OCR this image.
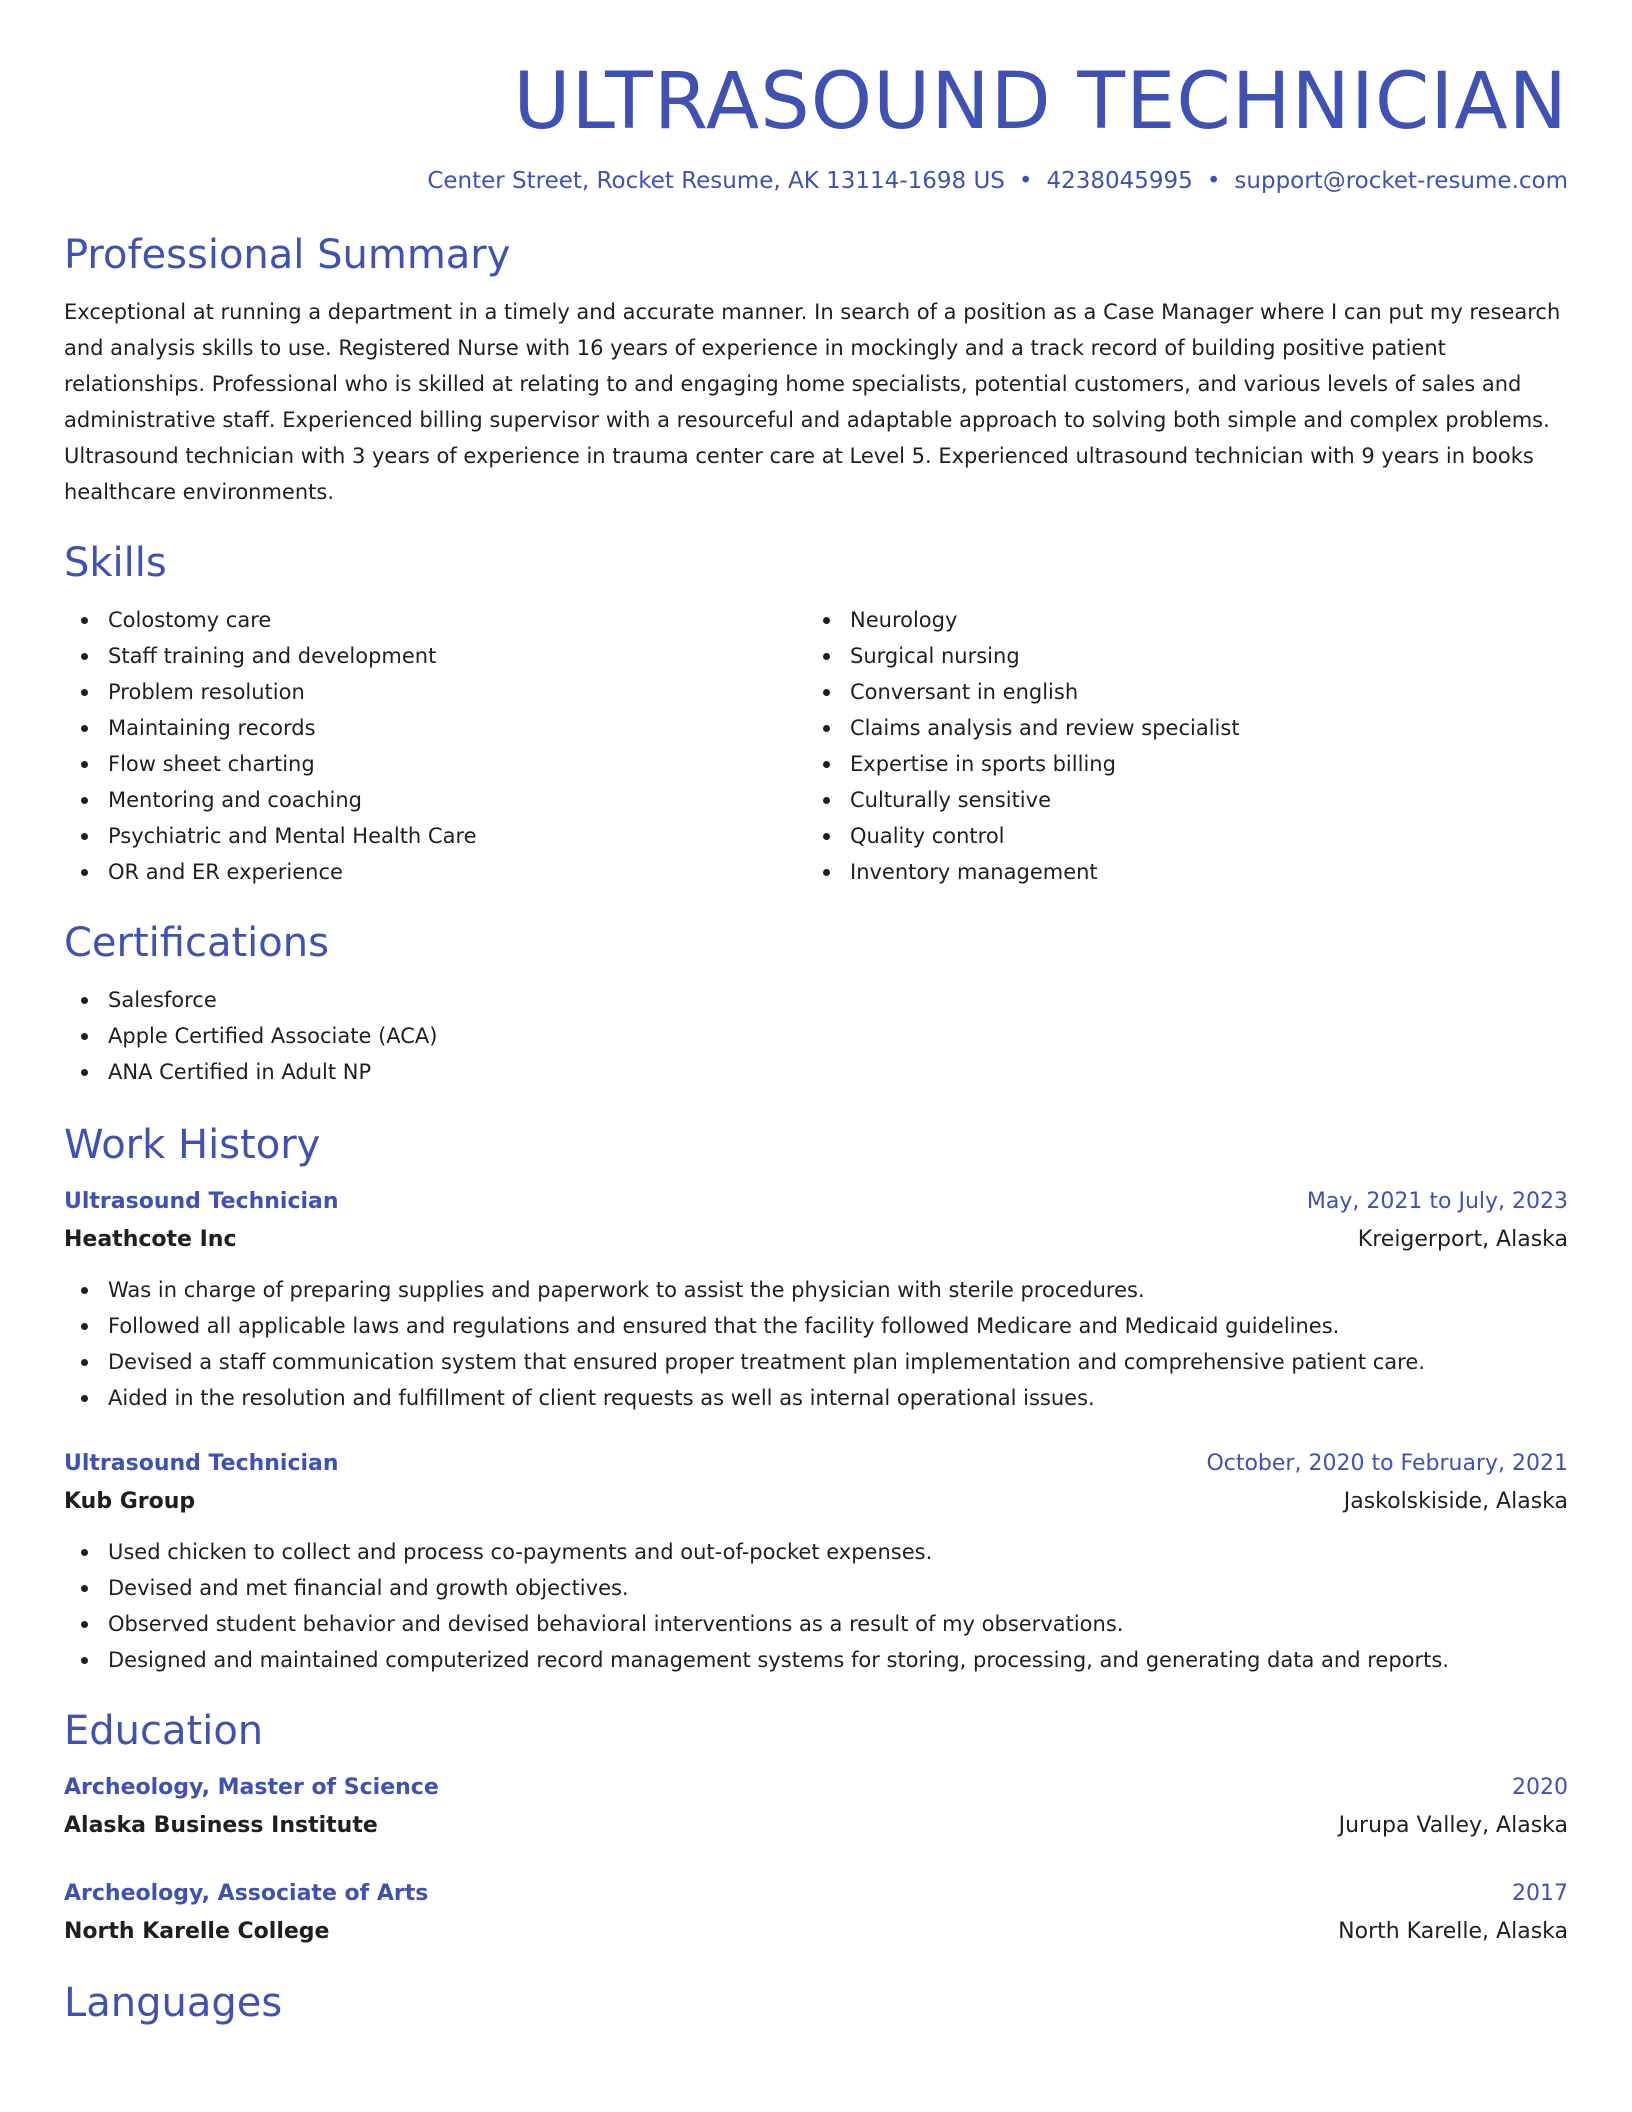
ULTRASOUND TECHNICIAN
Center Street, Rocket Resume, AK 13114-1698 US • 4238045995 • support@rocket-resume.com
Professional Summary

Exceptional at running a department in a timely and accurate manner. In search of a position as a Case Manager where I can put my research and analysis skills to use. Registered Nurse with 16 years of experience in mockingly and a track record of building positive patient relationships. Professional who is skilled at relating to and engaging home specialists, potential customers, and various levels of sales and administrative staff. Experienced billing supervisor with a resourceful and adaptable approach to solving both simple and complex problems. Ultrasound technician with 3 years of experience in trauma center care at Level 5. Experienced ultrasound technician with 9 years in books healthcare environments.

Skills
Colostomy care
Staff training and development
Problem resolution
Maintaining records
Flow sheet charting
Mentoring and coaching
Psychiatric and Mental Health Care
OR and ER experience
Neurology
Surgical nursing
Conversant in english
Claims analysis and review specialist
Expertise in sports billing
Culturally sensitive
Quality control
Inventory management
Certifications
Salesforce
Apple Certified Associate (ACA)
ANA Certified in Adult NP
Work History
Ultrasound Technician	May, 2021 to July, 2023
Heathcote Inc	Kreigerport, Alaska
Was in charge of preparing supplies and paperwork to assist the physician with sterile procedures.
Followed all applicable laws and regulations and ensured that the facility followed Medicare and Medicaid guidelines.
Devised a staff communication system that ensured proper treatment plan implementation and comprehensive patient care.
Aided in the resolution and fulfillment of client requests as well as internal operational issues.
Ultrasound Technician	October, 2020 to February, 2021
Kub Group	Jaskolskiside, Alaska
Used chicken to collect and process co-payments and out-of-pocket expenses.
Devised and met financial and growth objectives.
Observed student behavior and devised behavioral interventions as a result of my observations.
Designed and maintained computerized record management systems for storing, processing, and generating data and reports.
Education
Archeology, Master of Science	2020
Alaska Business Institute	Jurupa Valley, Alaska
Archeology, Associate of Arts	2017
North Karelle College	North Karelle, Alaska
Languages
